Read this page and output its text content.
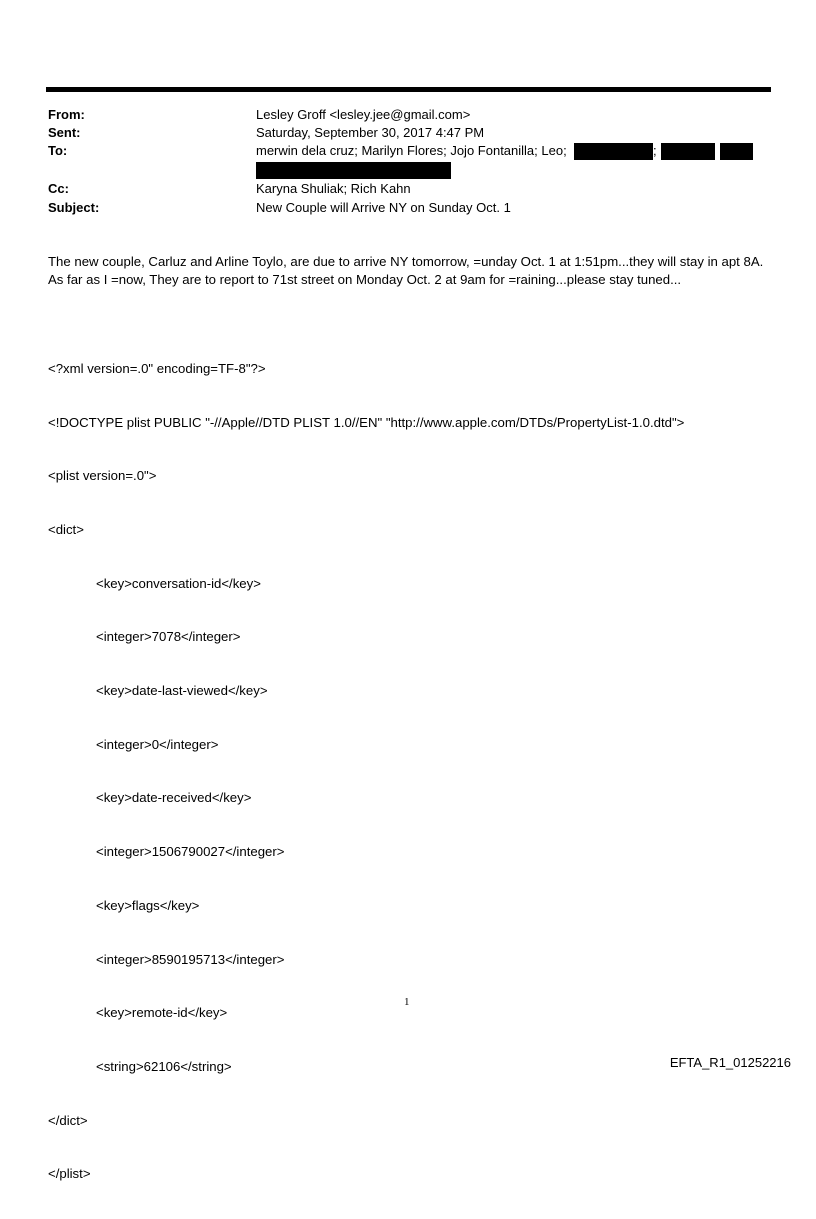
From:	Lesley Groff <lesley.jee@gmail.com>
Sent:	Saturday, September 30, 2017 4:47 PM
To:	merwin dela cruz; Marilyn Flores; Jojo Fontanilla; Leo;	;
Cc:	Karyna Shuliak; Rich Kahn
Subject:	New Couple will Arrive NY on Sunday Oct. 1
The new couple, Carluz and Arline Toylo, are due to arrive NY tomorrow, =unday Oct. 1 at 1:51pm...they will stay in apt 8A. As far as I =now, They are to report to 71st street on Monday Oct. 2 at 9am for =raining...please stay tuned...

<?xml version=.0" encoding=TF-8"?>

<!DOCTYPE plist PUBLIC "-//Apple//DTD PLIST 1.0//EN" "http://www.apple.com/DTDs/PropertyList-1.0.dtd">

<plist version=.0">

<dict>

<key>conversation-id</key>

<integer>7078</integer>

<key>date-last-viewed</key>

<integer>0</integer>

<key>date-received</key>

<integer>1506790027</integer>

<key>flags</key>

<integer>8590195713</integer>

<key>remote-id</key>

<string>62106</string>

</dict>

</plist>

1
EFTA_R1_01252216
